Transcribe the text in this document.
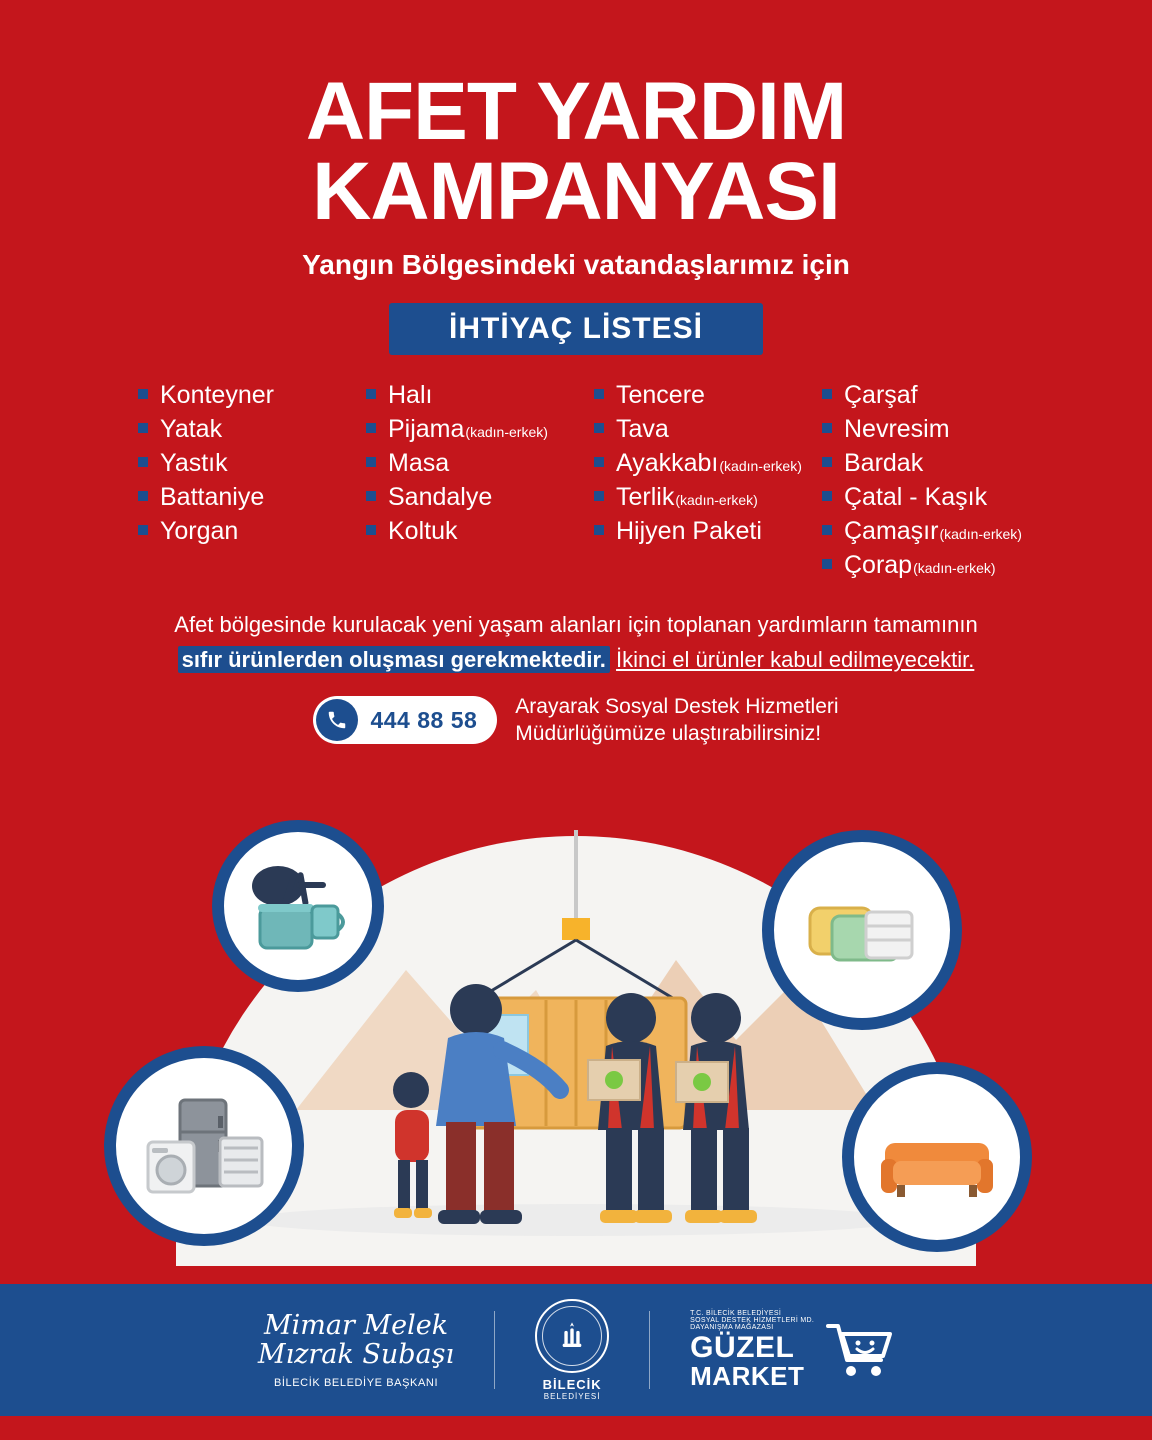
AFET YARDIM
KAMPANYASI
Yangın Bölgesindeki vatandaşlarımız için
İHTİYAÇ LİSTESİ
Konteyner
Yatak
Yastık
Battaniye
Yorgan
Halı
Pijama (kadın-erkek)
Masa
Sandalye
Koltuk
Tencere
Tava
Ayakkabı (kadın-erkek)
Terlik (kadın-erkek)
Hijyen Paketi
Çarşaf
Nevresim
Bardak
Çatal - Kaşık
Çamaşır (kadın-erkek)
Çorap (kadın-erkek)
Afet bölgesinde kurulacak yeni yaşam alanları için toplanan yardımların tamamının sıfır ürünlerden oluşması gerekmektedir. İkinci el ürünler kabul edilmeyecektir.
444 88 58
Arayarak Sosyal Destek Hizmetleri
Müdürlüğümüze ulaştırabilirsiniz!
Mimar Melek
Mızrak Subaşı
BİLECİK BELEDİYE BAŞKANI	BİLECİK
BELEDİYESİ
T.C. BİLECİK BELEDİYESİ
SOSYAL DESTEK HİZMETLERİ MD.
DAYANIŞMA MAĞAZASI
GÜZEL
MARKET
